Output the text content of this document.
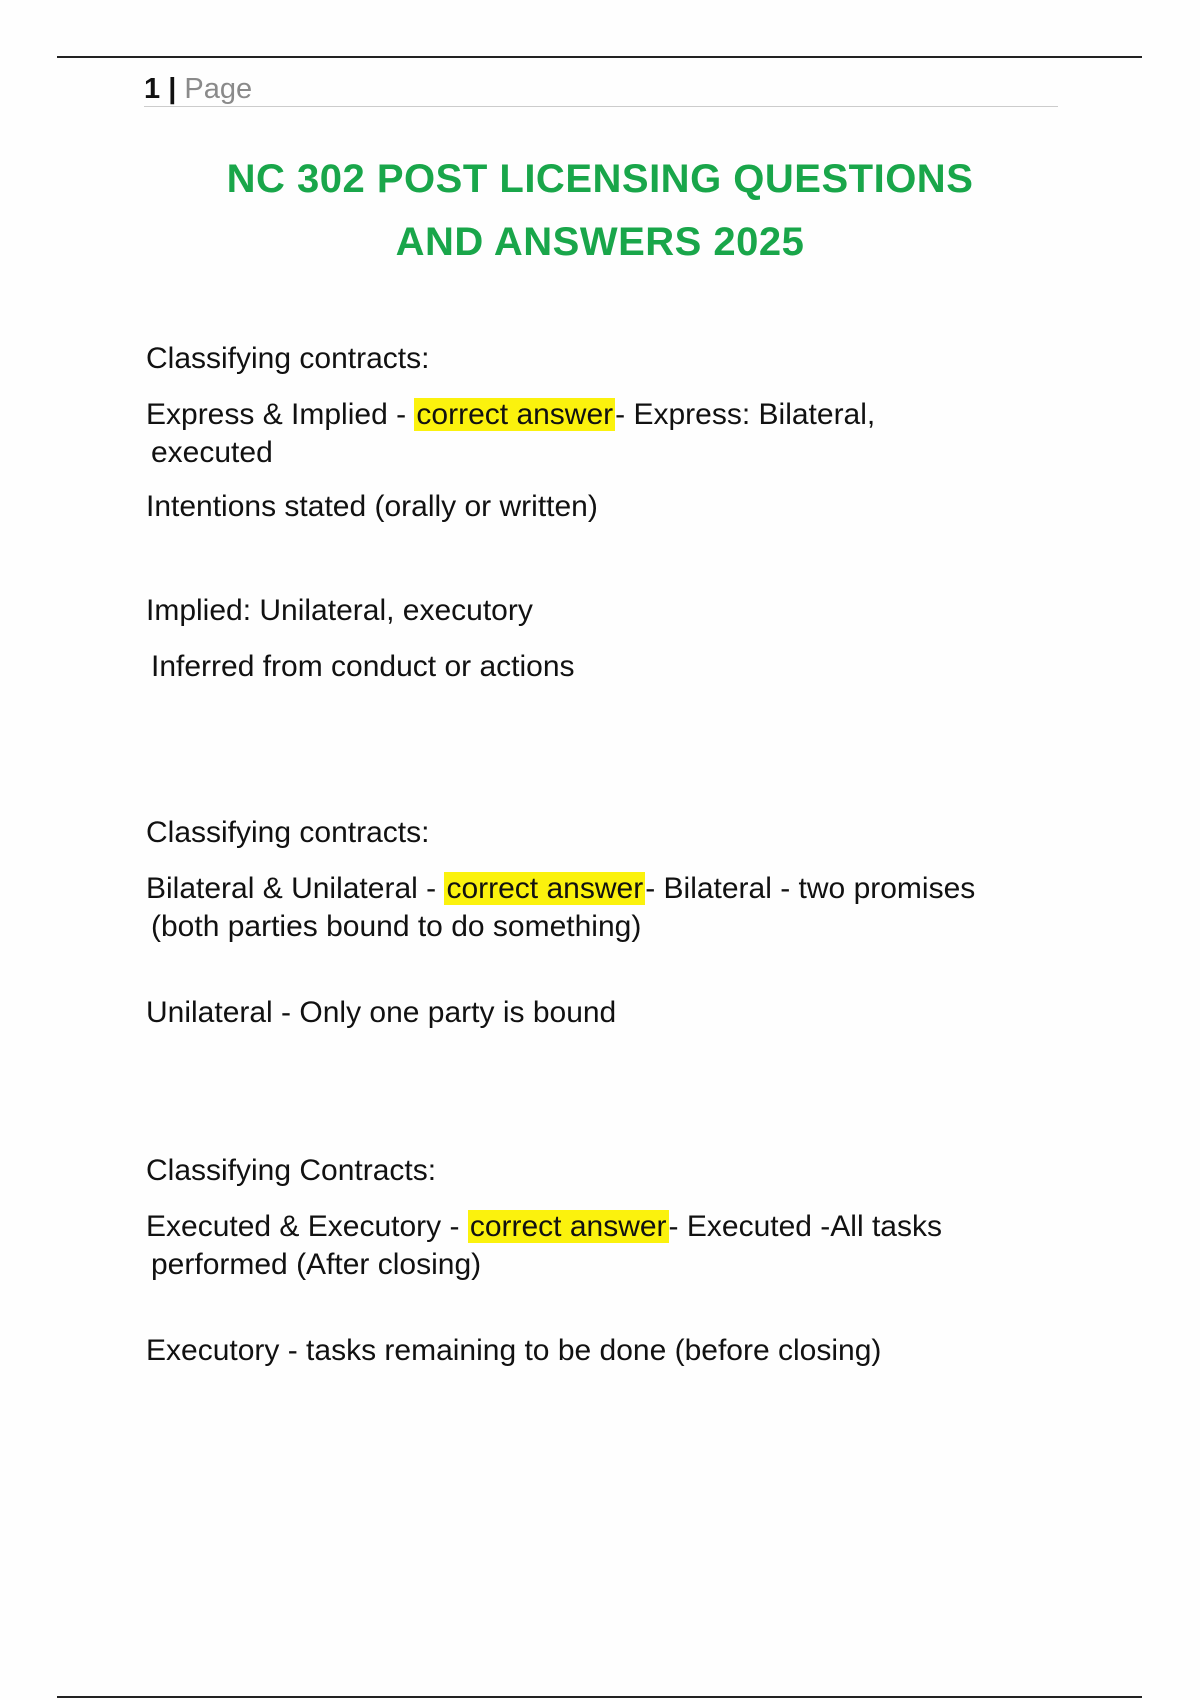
1 | Page
NC 302 POST LICENSING QUESTIONS
AND ANSWERS 2025

Classifying contracts:

Express & Implied - correct answer- Express: Bilateral,
executed

Intentions stated (orally or written)

Implied: Unilateral, executory

Inferred from conduct or actions

Classifying contracts:

Bilateral & Unilateral - correct answer- Bilateral - two promises
(both parties bound to do something)

Unilateral - Only one party is bound

Classifying Contracts:

Executed & Executory - correct answer- Executed -All tasks
performed (After closing)

Executory - tasks remaining to be done (before closing)
